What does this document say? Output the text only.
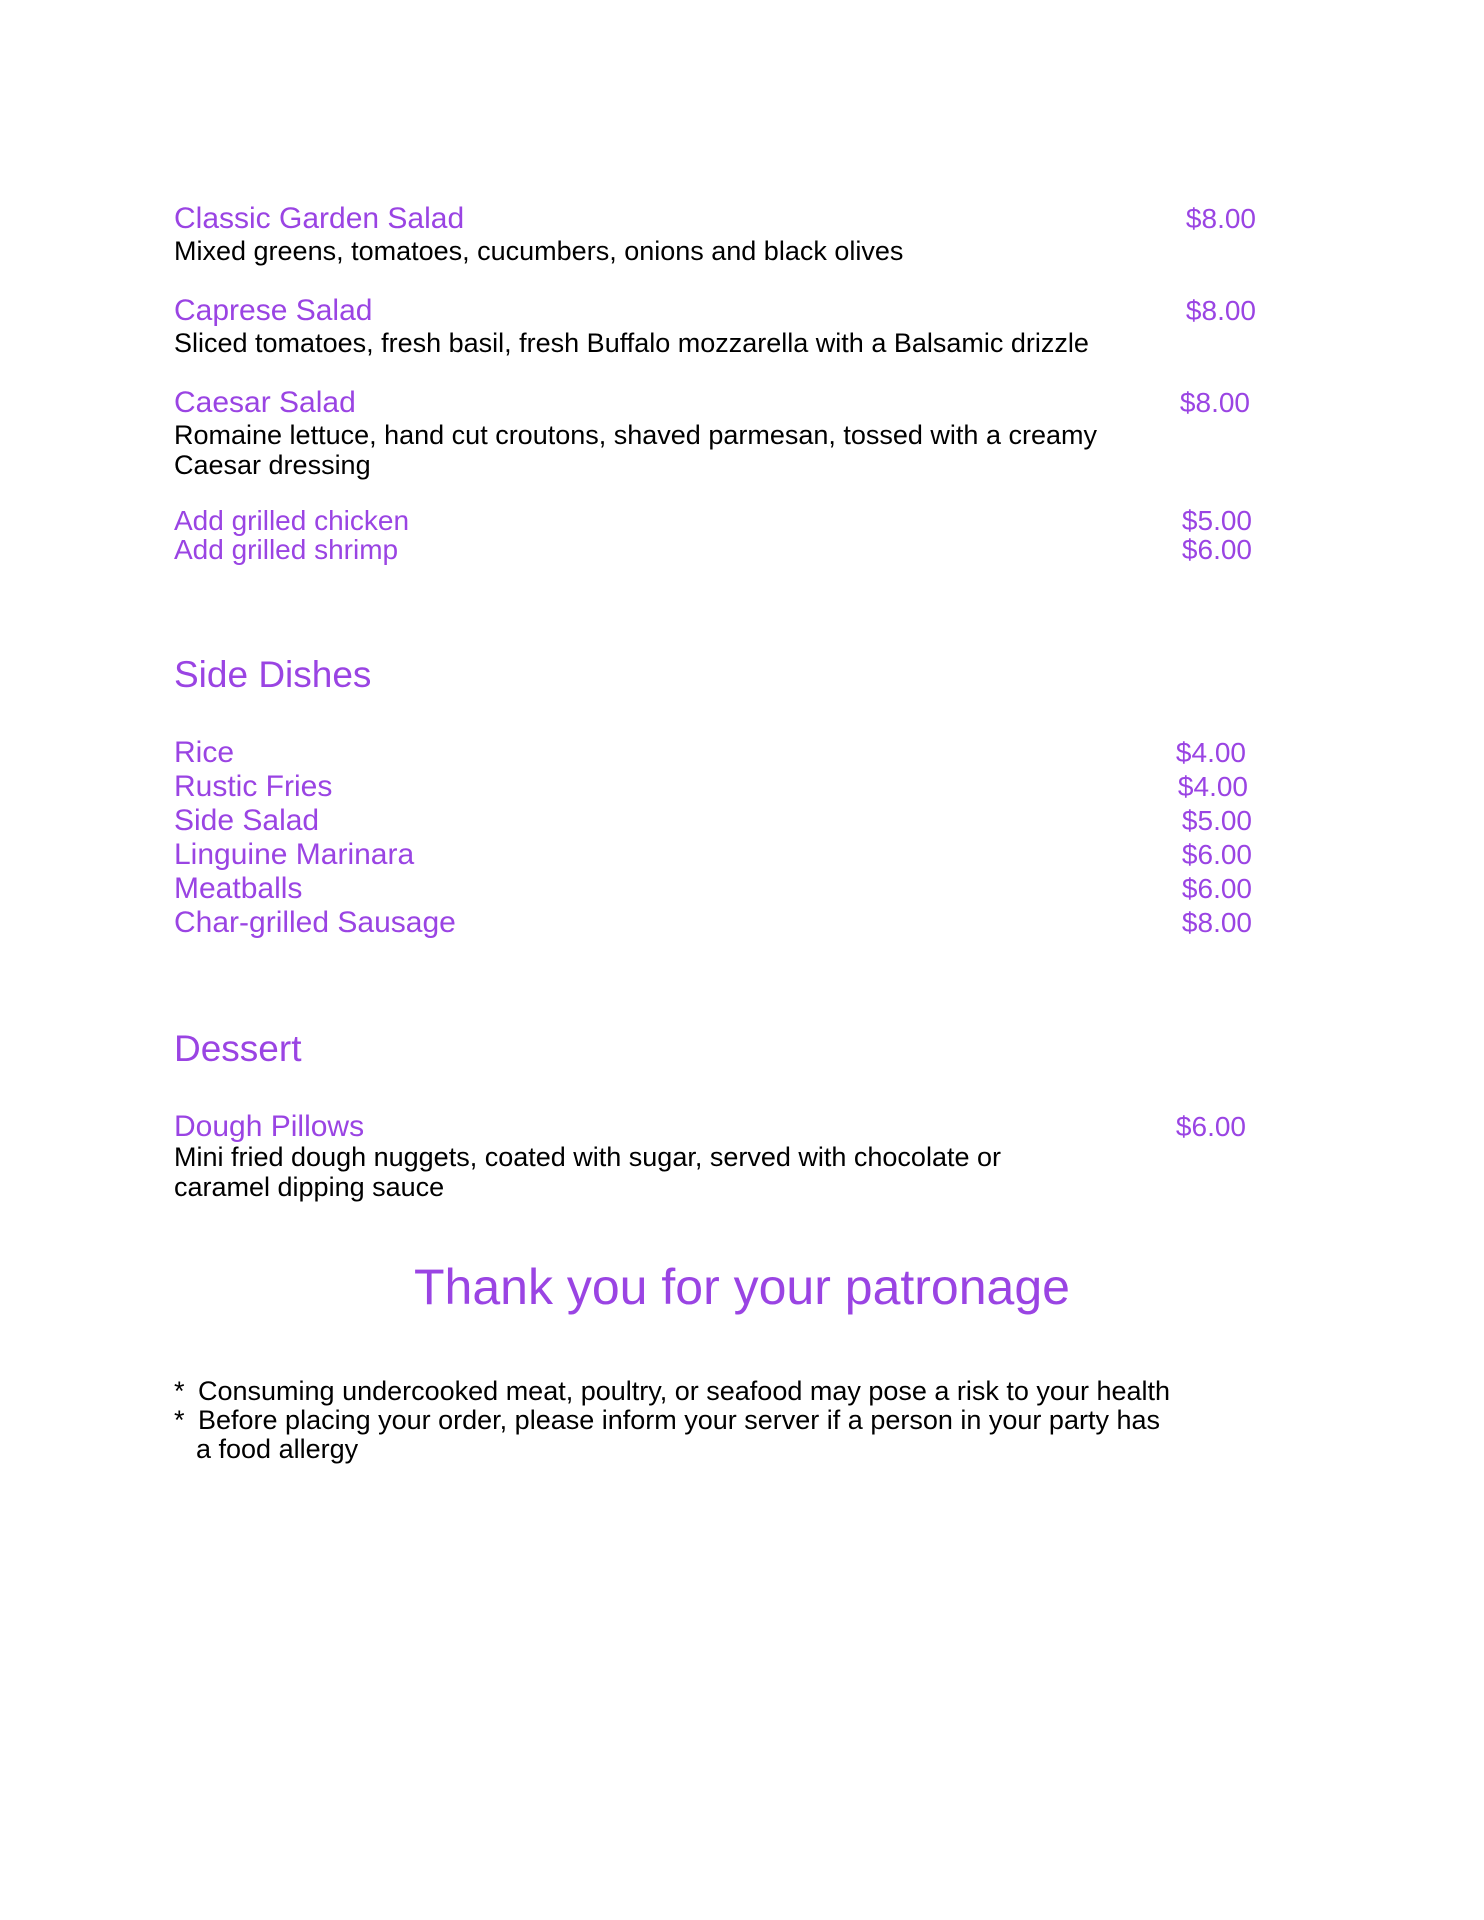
Classic Garden Salad	$8.00
Mixed greens, tomatoes, cucumbers, onions and black olives
Caprese Salad	$8.00
Sliced tomatoes, fresh basil, fresh Buffalo mozzarella with a Balsamic drizzle
Caesar Salad	$8.00
Romaine lettuce, hand cut croutons, shaved parmesan, tossed with a creamy
Caesar dressing
Add grilled chicken	$5.00
Add grilled shrimp	$6.00
Side Dishes
Rice	$4.00
Rustic Fries	$4.00
Side Salad	$5.00
Linguine Marinara	$6.00
Meatballs	$6.00
Char-grilled Sausage	$8.00
Dessert
Dough Pillows	$6.00
Mini fried dough nuggets, coated with sugar, served with chocolate or
caramel dipping sauce
Thank you for your patronage
* Consuming undercooked meat, poultry, or seafood may pose a risk to your health
* Before placing your order, please inform your server if a person in your party has
a food allergy
